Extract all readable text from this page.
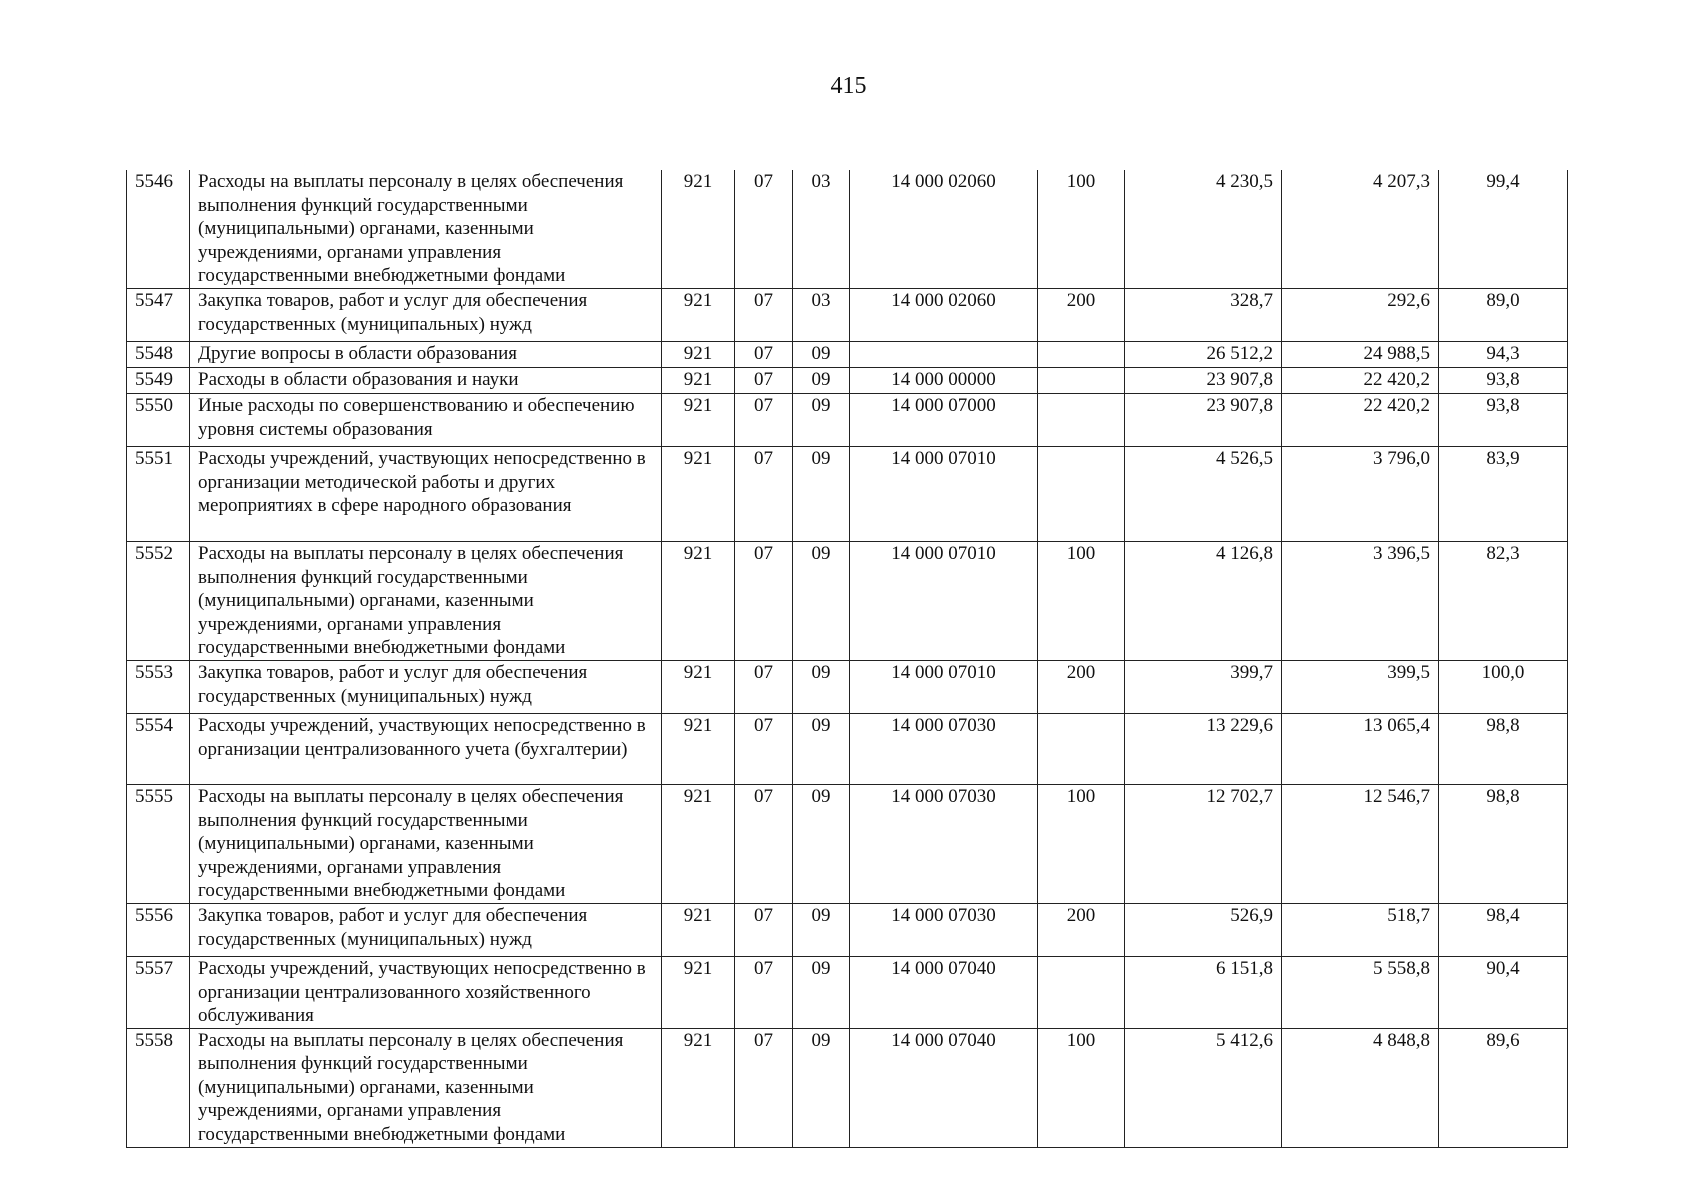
415
5546	Расходы на выплаты персоналу в целях обеспечения выполнения функций государственными (муниципальными) органами, казенными учреждениями, органами управления государственными внебюджетными фондами	921	07	03	14 000 02060	100	4 230,5	4 207,3	99,4
5547	Закупка товаров, работ и услуг для обеспечения государственных (муниципальных) нужд	921	07	03	14 000 02060	200	328,7	292,6	89,0
5548	Другие вопросы в области образования	921	07	09			26 512,2	24 988,5	94,3
5549	Расходы в области образования и науки	921	07	09	14 000 00000		23 907,8	22 420,2	93,8
5550	Иные расходы по совершенствованию и обеспечению уровня системы образования	921	07	09	14 000 07000		23 907,8	22 420,2	93,8
5551	Расходы учреждений, участвующих непосредственно в организации методической работы и других мероприятиях в сфере народного образования	921	07	09	14 000 07010		4 526,5	3 796,0	83,9
5552	Расходы на выплаты персоналу в целях обеспечения выполнения функций государственными (муниципальными) органами, казенными учреждениями, органами управления государственными внебюджетными фондами	921	07	09	14 000 07010	100	4 126,8	3 396,5	82,3
5553	Закупка товаров, работ и услуг для обеспечения государственных (муниципальных) нужд	921	07	09	14 000 07010	200	399,7	399,5	100,0
5554	Расходы учреждений, участвующих непосредственно в организации централизованного учета (бухгалтерии)	921	07	09	14 000 07030		13 229,6	13 065,4	98,8
5555	Расходы на выплаты персоналу в целях обеспечения выполнения функций государственными (муниципальными) органами, казенными учреждениями, органами управления государственными внебюджетными фондами	921	07	09	14 000 07030	100	12 702,7	12 546,7	98,8
5556	Закупка товаров, работ и услуг для обеспечения государственных (муниципальных) нужд	921	07	09	14 000 07030	200	526,9	518,7	98,4
5557	Расходы учреждений, участвующих непосредственно в организации централизованного хозяйственного обслуживания	921	07	09	14 000 07040		6 151,8	5 558,8	90,4
5558	Расходы на выплаты персоналу в целях обеспечения выполнения функций государственными (муниципальными) органами, казенными учреждениями, органами управления государственными внебюджетными фондами	921	07	09	14 000 07040	100	5 412,6	4 848,8	89,6
